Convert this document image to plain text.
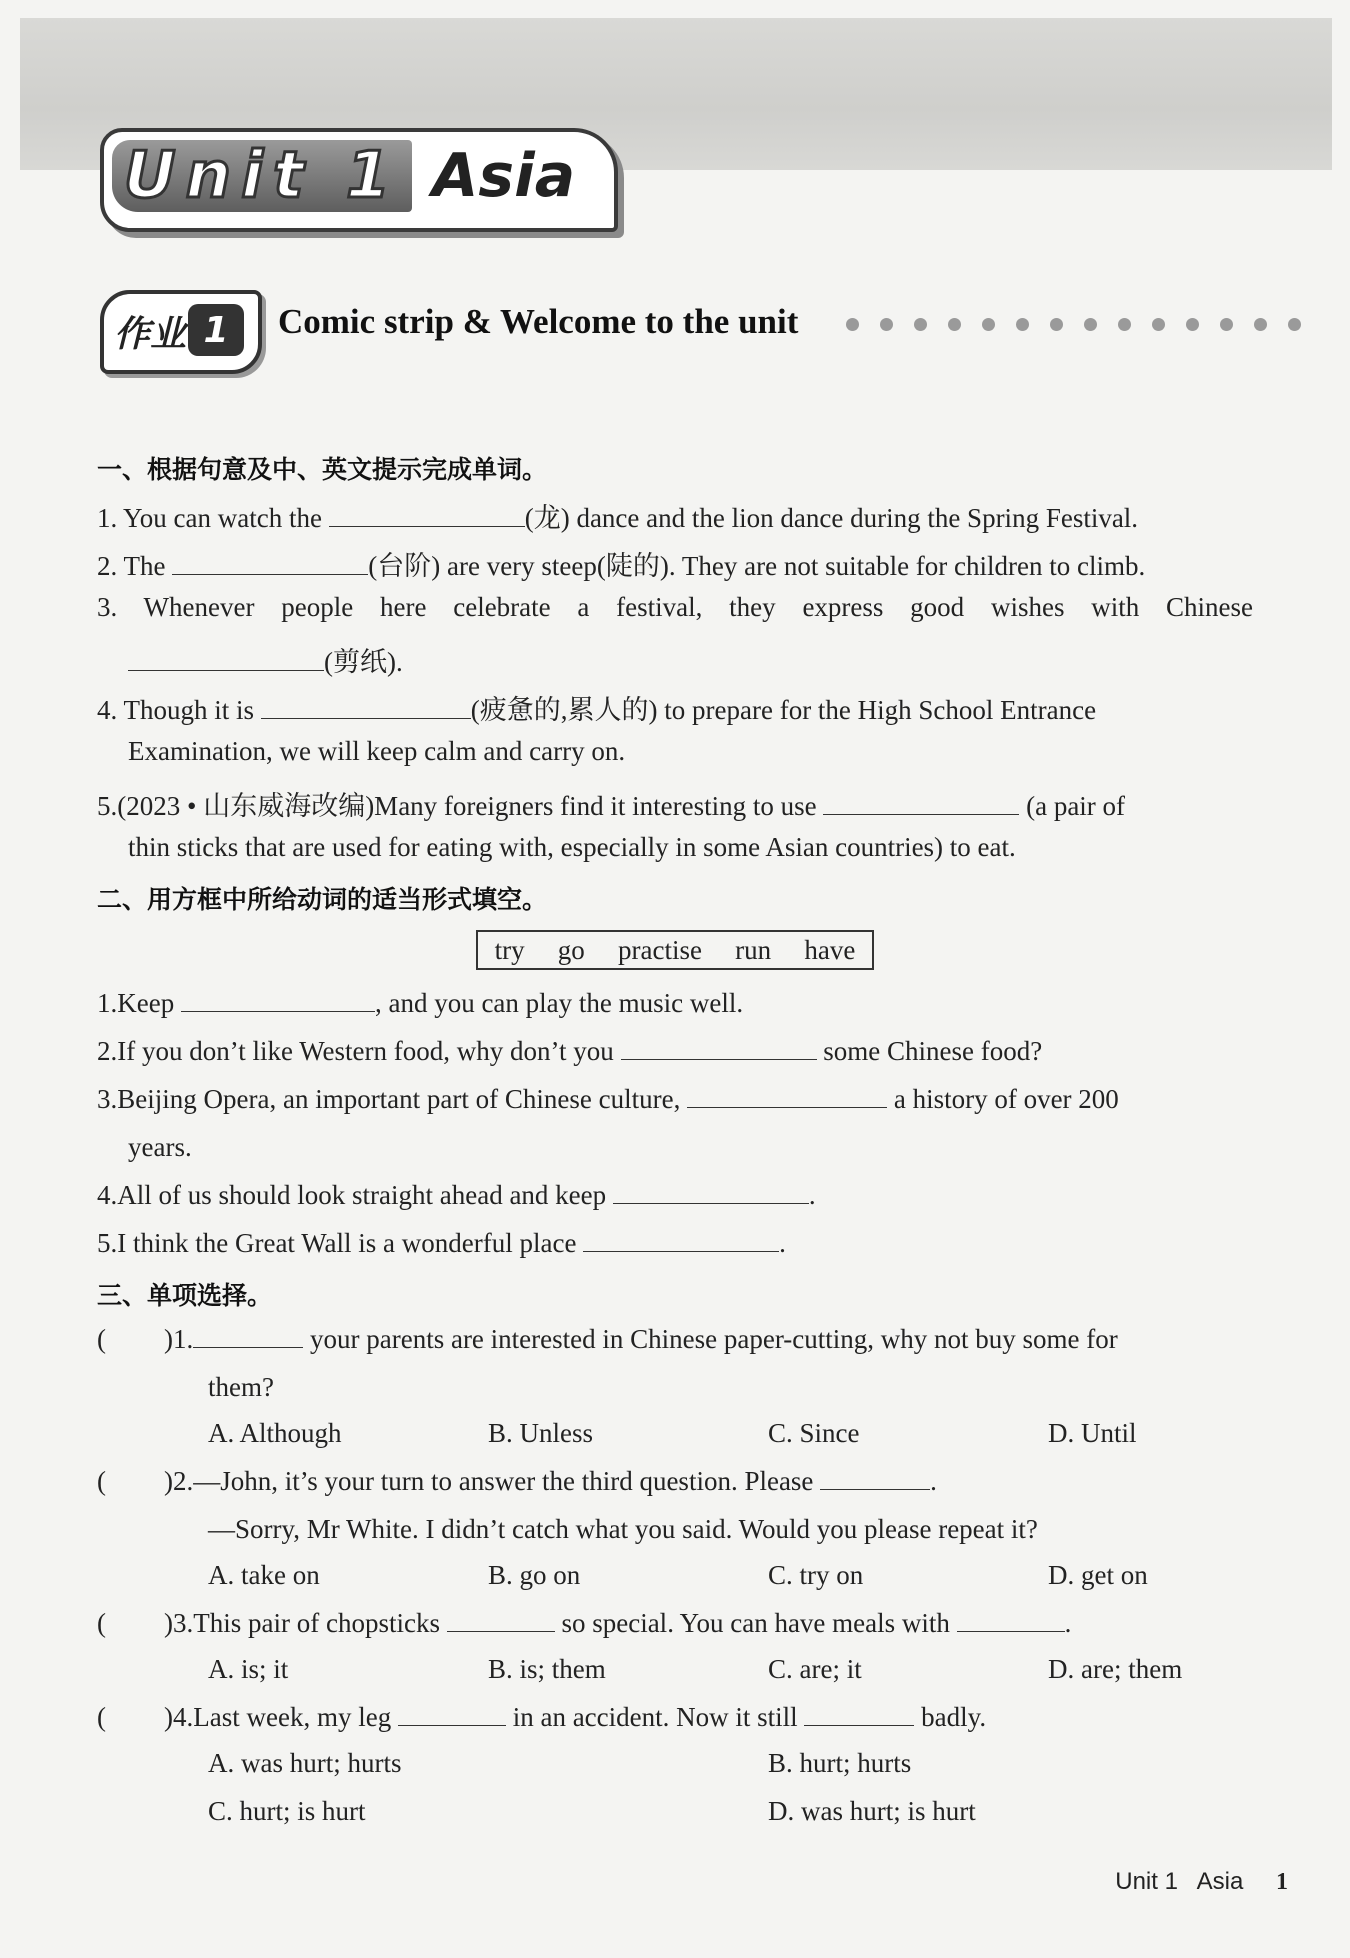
Unit 1 Asia
作业 1	Comic strip & Welcome to the unit
一、根据句意及中、英文提示完成单词。
1. You can watch the	(龙) dance and the lion dance during the Spring Festival.
2. The	(台阶) are very steep(陡的). They are not suitable for children to climb.
3. Whenever people here celebrate a festival, they express good wishes with Chinese
(剪纸).
4. Though it is	(疲惫的,累人的) to prepare for the High School Entrance
Examination, we will keep calm and carry on.
5.(2023 • 山东威海改编)Many foreigners find it interesting to use	(a pair of
thin sticks that are used for eating with, especially in some Asian countries) to eat.
二、用方框中所给动词的适当形式填空。
try go practise run have
1.Keep	, and you can play the music well.
2.If you don’t like Western food, why don’t you	some Chinese food?
3.Beijing Opera, an important part of Chinese culture,	a history of over 200
years.
4.All of us should look straight ahead and keep	.
5.I think the Great Wall is a wonderful place	.
三、单项选择。
( )1.	your parents are interested in Chinese paper-cutting, why not buy some for
them?
A. Although	B. Unless	C. Since	D. Until
( )2.—John, it’s your turn to answer the third question. Please	.
—Sorry, Mr White. I didn’t catch what you said. Would you please repeat it?
A. take on	B. go on	C. try on	D. get on
( )3.This pair of chopsticks	so special. You can have meals with	.
A. is; it	B. is; them	C. are; it	D. are; them
( )4.Last week, my leg	in an accident. Now it still	badly.
A. was hurt; hurts	B. hurt; hurts
C. hurt; is hurt	D. was hurt; is hurt
Unit 1 Asia 1
